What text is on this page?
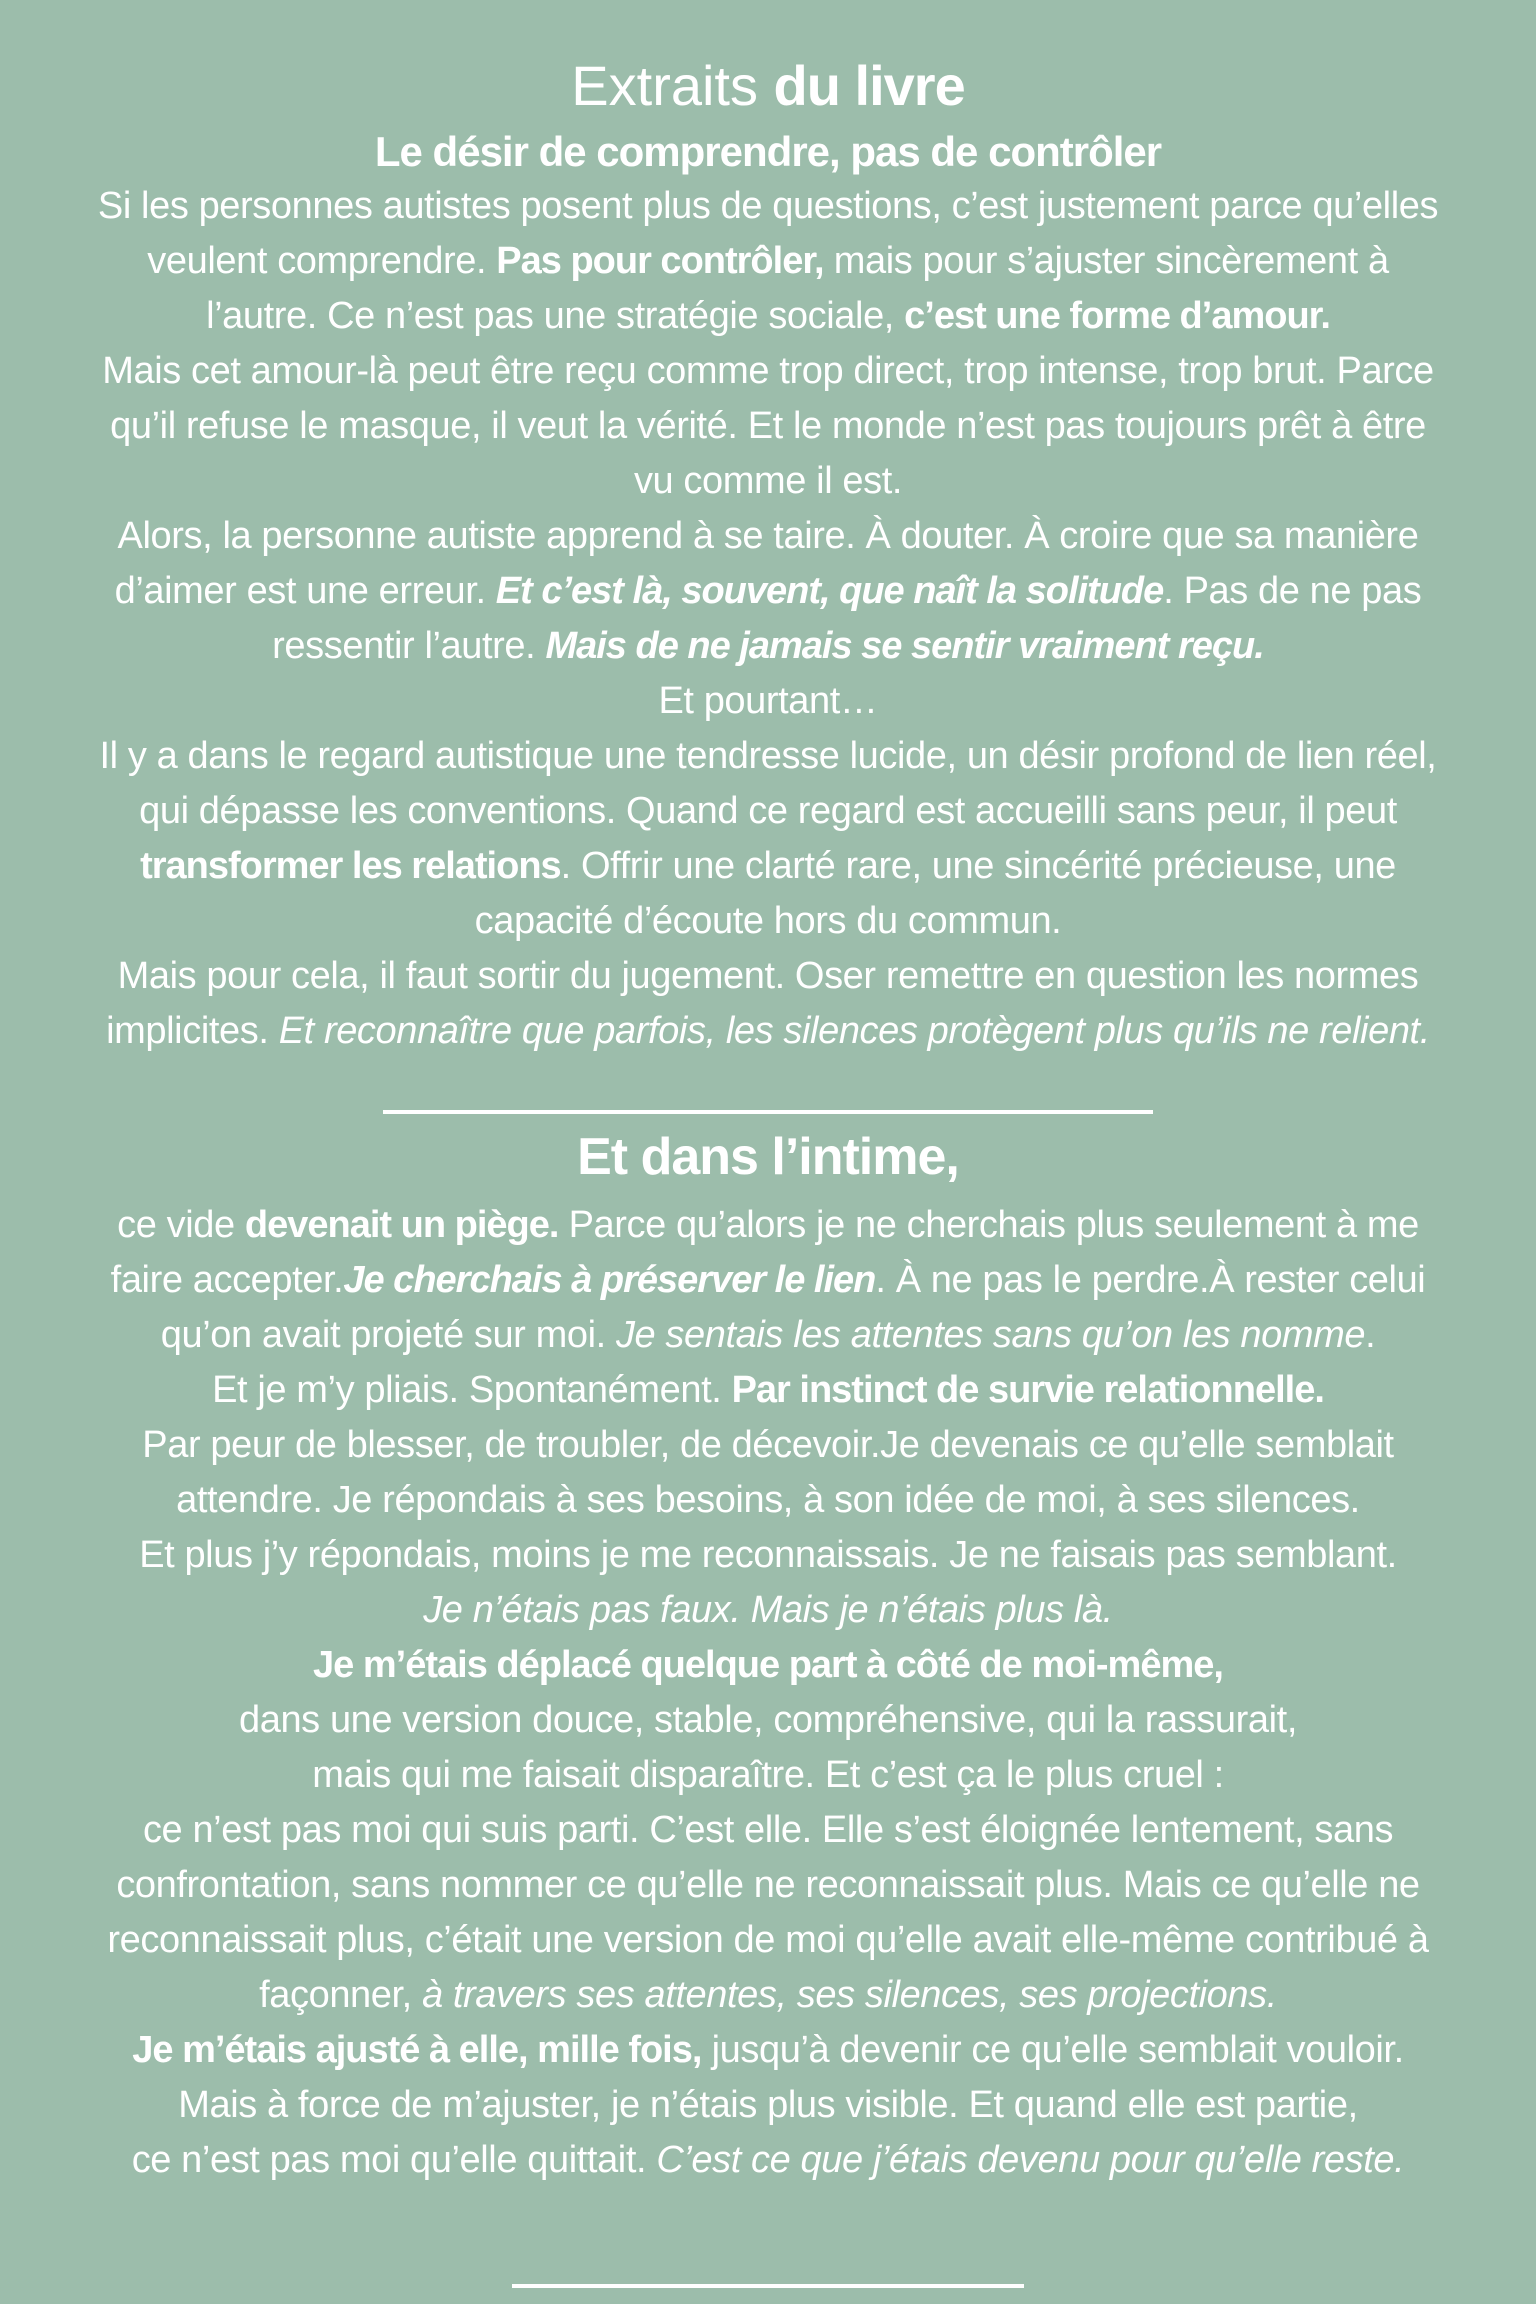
Extraits du livre
Le désir de comprendre, pas de contrôler
Si les personnes autistes posent plus de questions, c’est justement parce qu’elles
veulent comprendre. Pas pour contrôler, mais pour s’ajuster sincèrement à
l’autre. Ce n’est pas une stratégie sociale, c’est une forme d’amour.
Mais cet amour-là peut être reçu comme trop direct, trop intense, trop brut. Parce
qu’il refuse le masque, il veut la vérité. Et le monde n’est pas toujours prêt à être
vu comme il est.
Alors, la personne autiste apprend à se taire. À douter. À croire que sa manière
d’aimer est une erreur. Et c’est là, souvent, que naît la solitude. Pas de ne pas
ressentir l’autre. Mais de ne jamais se sentir vraiment reçu.
Et pourtant…
Il y a dans le regard autistique une tendresse lucide, un désir profond de lien réel,
qui dépasse les conventions. Quand ce regard est accueilli sans peur, il peut
transformer les relations. Offrir une clarté rare, une sincérité précieuse, une
capacité d’écoute hors du commun.
Mais pour cela, il faut sortir du jugement. Oser remettre en question les normes
implicites. Et reconnaître que parfois, les silences protègent plus qu’ils ne relient.
Et dans l’intime,
ce vide devenait un piège. Parce qu’alors je ne cherchais plus seulement à me
faire accepter.Je cherchais à préserver le lien. À ne pas le perdre.À rester celui
qu’on avait projeté sur moi. Je sentais les attentes sans qu’on les nomme.
Et je m’y pliais. Spontanément. Par instinct de survie relationnelle.
Par peur de blesser, de troubler, de décevoir.Je devenais ce qu’elle semblait
attendre. Je répondais à ses besoins, à son idée de moi, à ses silences.
Et plus j’y répondais, moins je me reconnaissais. Je ne faisais pas semblant.
Je n’étais pas faux. Mais je n’étais plus là.
Je m’étais déplacé quelque part à côté de moi-même,
dans une version douce, stable, compréhensive, qui la rassurait,
mais qui me faisait disparaître. Et c’est ça le plus cruel :
ce n’est pas moi qui suis parti. C’est elle. Elle s’est éloignée lentement, sans
confrontation, sans nommer ce qu’elle ne reconnaissait plus. Mais ce qu’elle ne
reconnaissait plus, c’était une version de moi qu’elle avait elle-même contribué à
façonner, à travers ses attentes, ses silences, ses projections.
Je m’étais ajusté à elle, mille fois, jusqu’à devenir ce qu’elle semblait vouloir.
Mais à force de m’ajuster, je n’étais plus visible. Et quand elle est partie,
ce n’est pas moi qu’elle quittait. C’est ce que j’étais devenu pour qu’elle reste.
